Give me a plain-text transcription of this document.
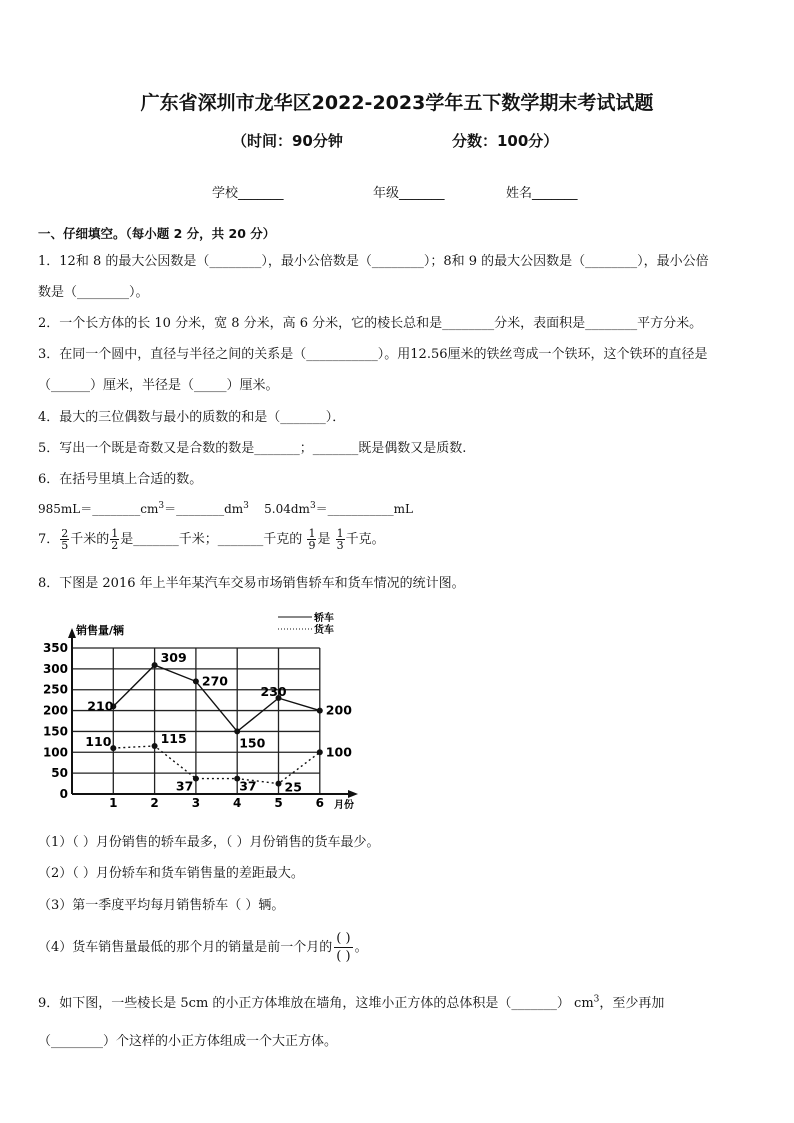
广东省深圳市龙华区2022-2023学年五下数学期末考试试题
（时间：90分钟	分数：100分）
学校_______	年级_______	姓名_______
一、仔细填空。（每小题 2 分，共 20 分）
1．12和 8 的最大公因数是（________），最小公倍数是（________）；8和 9 的最大公因数是（________），最小公倍
数是（________）。
2．一个长方体的长 10 分米，宽 8 分米，高 6 分米，它的棱长总和是________分米，表面积是________平方分米。
3．在同一个圆中，直径与半径之间的关系是（___________）。用12.56厘米的铁丝弯成一个铁环，这个铁环的直径是
（______）厘米，半径是（_____）厘米。
4．最大的三位偶数与最小的质数的和是（_______）．
5．写出一个既是奇数又是合数的数是_______；_______既是偶数又是质数.
6．在括号里填上合适的数。
$985mL=\_\_\_\_\_\_\_\_cm^3=\_\_\_\_\_\_\_\_dm^3$ $5.04dm^3=\_\_\_\_\_\_\_\_\_\_\_mL$
7． $\frac{2}{5}$ 千米的 $\frac{1}{2}$ 是_______千米；_______千克的 $\frac{1}{9}$ 是 $\frac{1}{3}$ 千克。
8．下图是 2016 年上半年某汽车交易市场销售轿车和货车情况的统计图。
0
50
100
150
200
250
300
350
1	2	3	4	5	6
销售量/辆
月份
210
309
270
150
230
200
110	115
37	37 25
100
轿车
货车
（1）（ ）月份销售的轿车最多，（ ）月份销售的货车最少。
（2）（ ）月份轿车和货车销售量的差距最大。
（3）第一季度平均每月销售轿车（ ）辆。
（4）货车销售量最低的那个月的销量是前一个月的
( )
( )
。
9．如下图，一些棱长是 5cm 的小正方体堆放在墙角，这堆小正方体的总体积是（_______） $cm^3$，至少再加
（________）个这样的小正方体组成一个大正方体。
